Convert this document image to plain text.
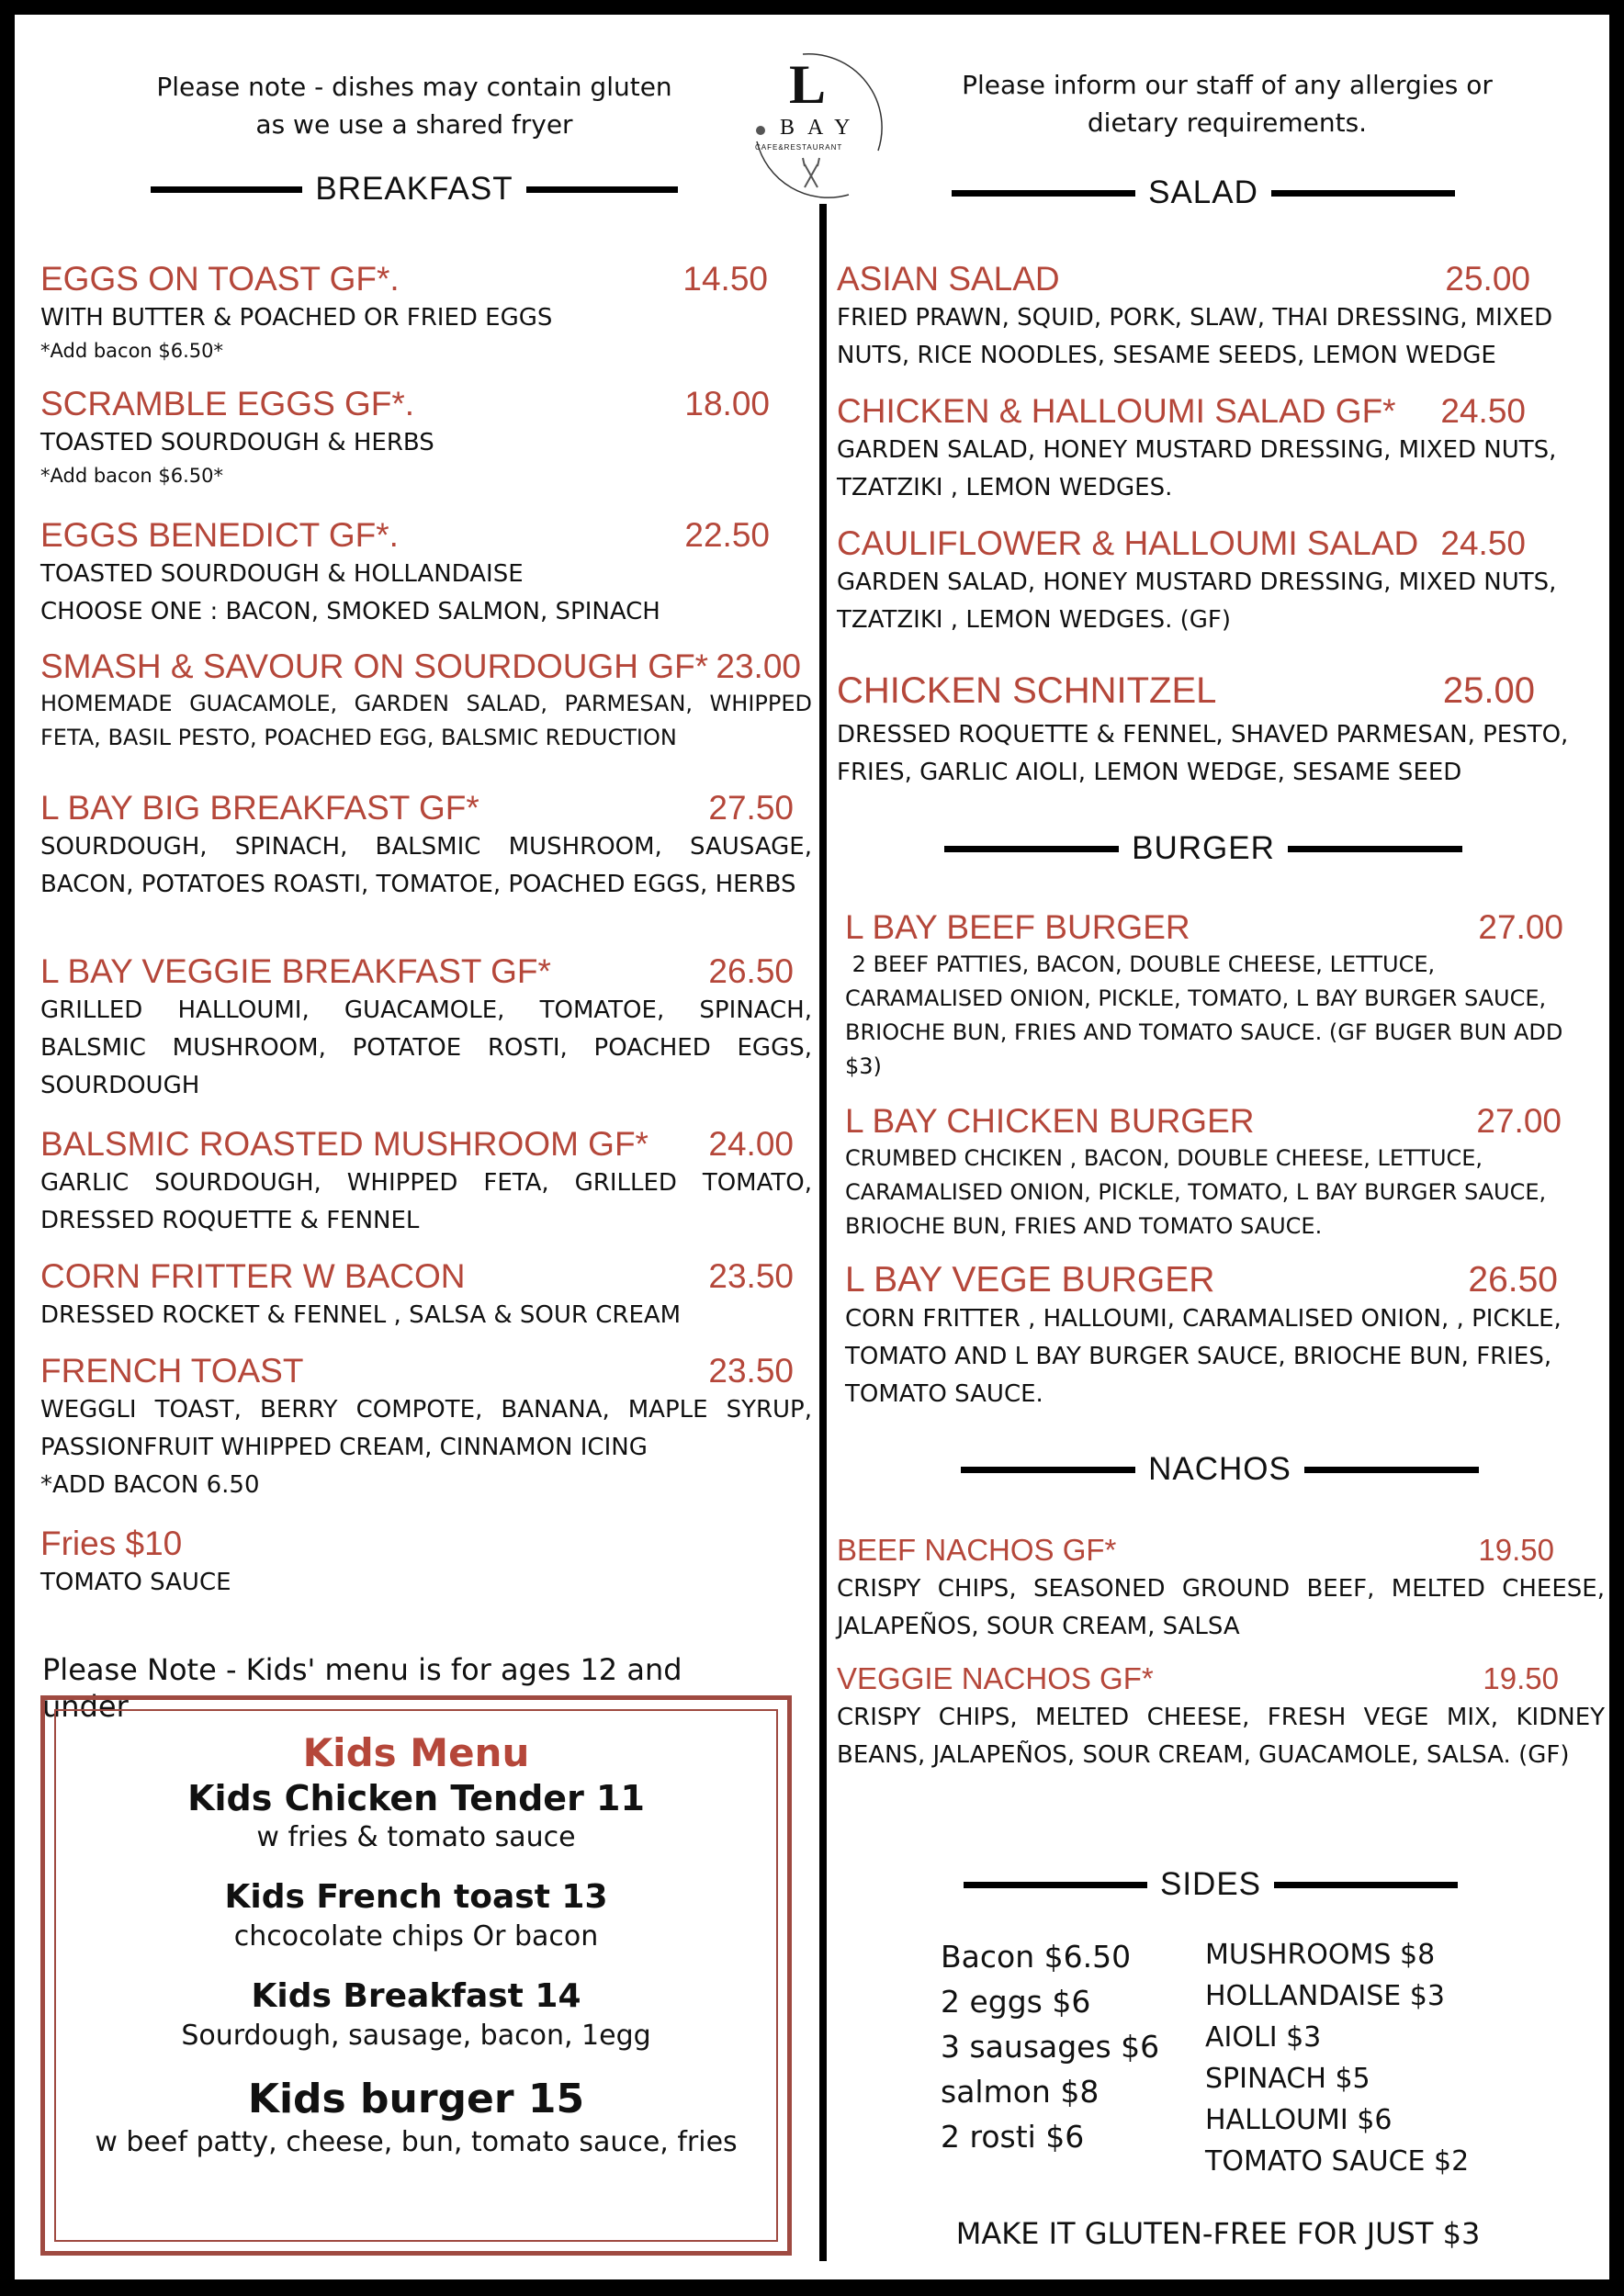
Please note - dishes may contain gluten
as we use a shared fryer
Please inform our staff of any allergies or
dietary requirements.
L
BAY
CAFE&RESTAURANT
BREAKFAST
EGGS ON TOAST GF*.	14.50
WITH BUTTER & POACHED OR FRIED EGGS
*Add bacon $6.50*
SCRAMBLE EGGS GF*.	18.00
TOASTED SOURDOUGH & HERBS
*Add bacon $6.50*
EGGS BENEDICT GF*.	22.50
TOASTED SOURDOUGH & HOLLANDAISE
CHOOSE ONE : BACON, SMOKED SALMON, SPINACH
SMASH & SAVOUR ON SOURDOUGH GF* 23.00
HOMEMADE GUACAMOLE, GARDEN SALAD, PARMESAN, WHIPPED FETA, BASIL PESTO, POACHED EGG, BALSMIC REDUCTION
L BAY BIG BREAKFAST GF*	27.50
SOURDOUGH, SPINACH, BALSMIC MUSHROOM, SAUSAGE, BACON, POTATOES ROASTI, TOMATOE, POACHED EGGS, HERBS
L BAY VEGGIE BREAKFAST GF*	26.50
GRILLED HALLOUMI, GUACAMOLE, TOMATOE, SPINACH, BALSMIC MUSHROOM, POTATOE ROSTI, POACHED EGGS, SOURDOUGH
BALSMIC ROASTED MUSHROOM GF* 24.00
GARLIC SOURDOUGH, WHIPPED FETA, GRILLED TOMATO, DRESSED ROQUETTE & FENNEL
CORN FRITTER W BACON	23.50
DRESSED ROCKET & FENNEL , SALSA & SOUR CREAM
FRENCH TOAST	23.50
WEGGLI TOAST, BERRY COMPOTE, BANANA, MAPLE SYRUP, PASSIONFRUIT WHIPPED CREAM, CINNAMON ICING
*ADD BACON 6.50
Fries $10
TOMATO SAUCE
Please Note - Kids' menu is for ages 12 and under
Kids Menu
Kids Chicken Tender 11
w fries & tomato sauce
Kids French toast 13
chcocolate chips Or bacon
Kids Breakfast 14
Sourdough, sausage, bacon, 1egg
Kids burger 15
w beef patty, cheese, bun, tomato sauce, fries
SALAD
ASIAN SALAD	25.00
FRIED PRAWN, SQUID, PORK, SLAW, THAI DRESSING, MIXED NUTS, RICE NOODLES, SESAME SEEDS, LEMON WEDGE
CHICKEN & HALLOUMI SALAD GF* 24.50
GARDEN SALAD, HONEY MUSTARD DRESSING, MIXED NUTS, TZATZIKI , LEMON WEDGES.
CAULIFLOWER & HALLOUMI SALAD 24.50
GARDEN SALAD, HONEY MUSTARD DRESSING, MIXED NUTS, TZATZIKI , LEMON WEDGES. (GF)
CHICKEN SCHNITZEL	25.00
DRESSED ROQUETTE & FENNEL, SHAVED PARMESAN, PESTO, FRIES, GARLIC AIOLI, LEMON WEDGE, SESAME SEED
BURGER
L BAY BEEF BURGER	27.00
2 BEEF PATTIES, BACON, DOUBLE CHEESE, LETTUCE, CARAMALISED ONION, PICKLE, TOMATO, L BAY BURGER SAUCE, BRIOCHE BUN, FRIES AND TOMATO SAUCE. (GF BUGER BUN ADD $3)
L BAY CHICKEN BURGER	27.00
CRUMBED CHCIKEN , BACON, DOUBLE CHEESE, LETTUCE, CARAMALISED ONION, PICKLE, TOMATO, L BAY BURGER SAUCE, BRIOCHE BUN, FRIES AND TOMATO SAUCE.
L BAY VEGE BURGER	26.50
CORN FRITTER , HALLOUMI, CARAMALISED ONION, , PICKLE, TOMATO AND L BAY BURGER SAUCE, BRIOCHE BUN, FRIES, TOMATO SAUCE.
NACHOS
BEEF NACHOS GF*	19.50
CRISPY CHIPS, SEASONED GROUND BEEF, MELTED CHEESE, JALAPEÑOS, SOUR CREAM, SALSA
VEGGIE NACHOS GF*	19.50
CRISPY CHIPS, MELTED CHEESE, FRESH VEGE MIX, KIDNEY BEANS, JALAPEÑOS, SOUR CREAM, GUACAMOLE, SALSA. (GF)
SIDES
Bacon $6.50
2 eggs $6
3 sausages $6
salmon $8
2 rosti $6
MUSHROOMS $8
HOLLANDAISE $3
AIOLI $3
SPINACH $5
HALLOUMI $6
TOMATO SAUCE $2
MAKE IT GLUTEN-FREE FOR JUST $3
